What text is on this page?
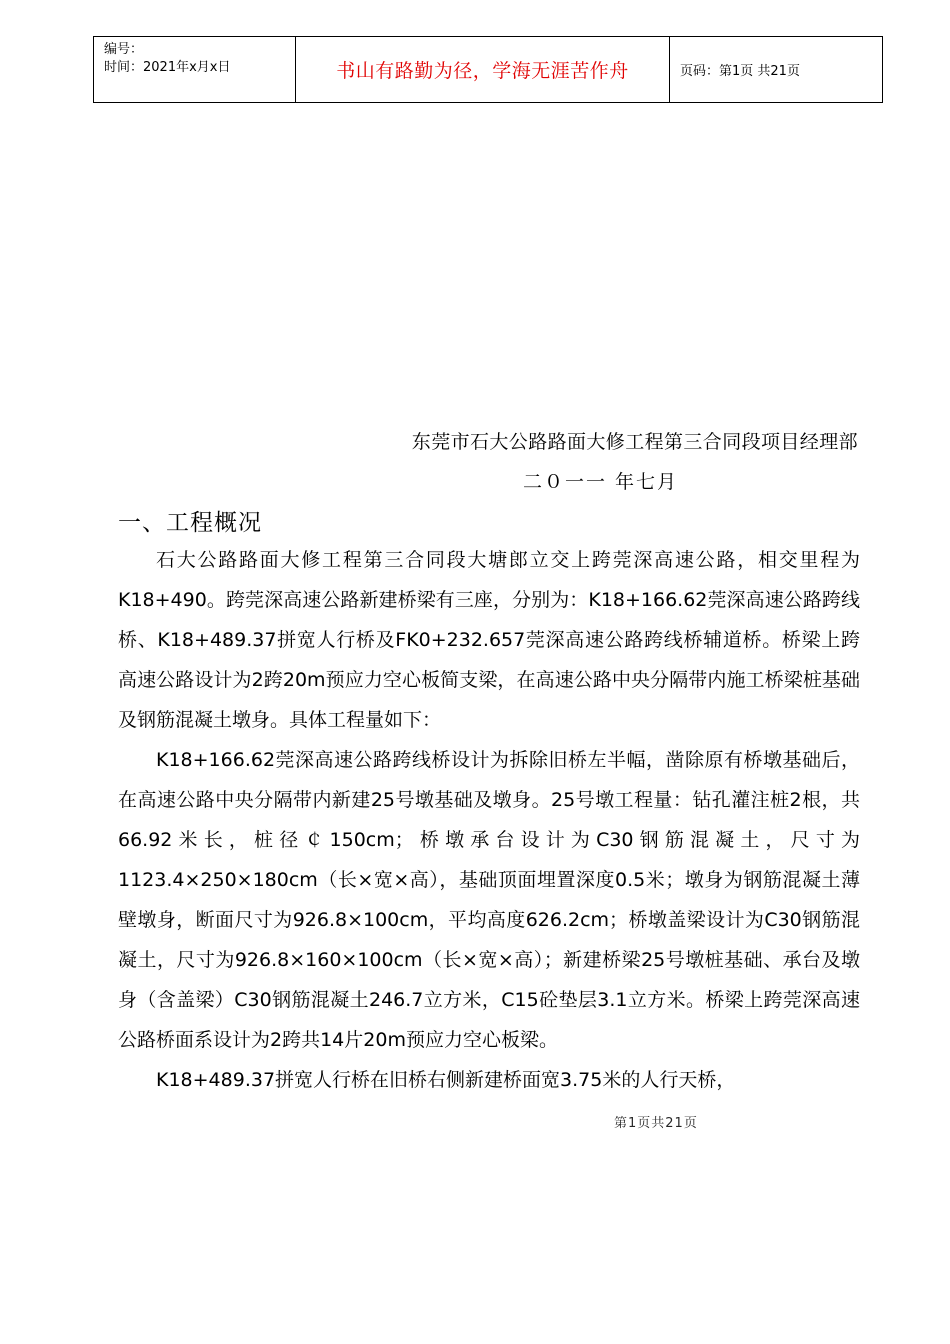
编号：
时间：2021年x月x日	书山有路勤为径，学海无涯苦作舟	页码：第1页 共21页
东莞市石大公路路面大修工程第三合同段项目经理部
二０一一 年七月
一、工程概况

石大公路路面大修工程第三合同段大塘郎立交上跨莞深高速公路，相交里程为K18+490。跨莞深高速公路新建桥梁有三座，分别为：K18+166.62莞深高速公路跨线桥、K18+489.37拼宽人行桥及FK0+232.657莞深高速公路跨线桥辅道桥。桥梁上跨高速公路设计为2跨20m预应力空心板简支梁，在高速公路中央分隔带内施工桥梁桩基础及钢筋混凝土墩身。具体工程量如下：

K18+166.62莞深高速公路跨线桥设计为拆除旧桥左半幅，凿除原有桥墩基础后，在高速公路中央分隔带内新建25号墩基础及墩身。25号墩工程量：钻孔灌注桩2根，共66.92米长，桩径￠150cm；桥墩承台设计为C30钢筋混凝土，尺寸为1123.4×250×180cm（长×宽×高），基础顶面埋置深度0.5米；墩身为钢筋混凝土薄壁墩身，断面尺寸为926.8×100cm，平均高度626.2cm；桥墩盖梁设计为C30钢筋混凝土，尺寸为926.8×160×100cm（长×宽×高）；新建桥梁25号墩桩基础、承台及墩身（含盖梁）C30钢筋混凝土246.7立方米，C15砼垫层3.1立方米。桥梁上跨莞深高速公路桥面系设计为2跨共14片20m预应力空心板梁。

K18+489.37拼宽人行桥在旧桥右侧新建桥面宽3.75米的人行天桥，

第1页共21页
